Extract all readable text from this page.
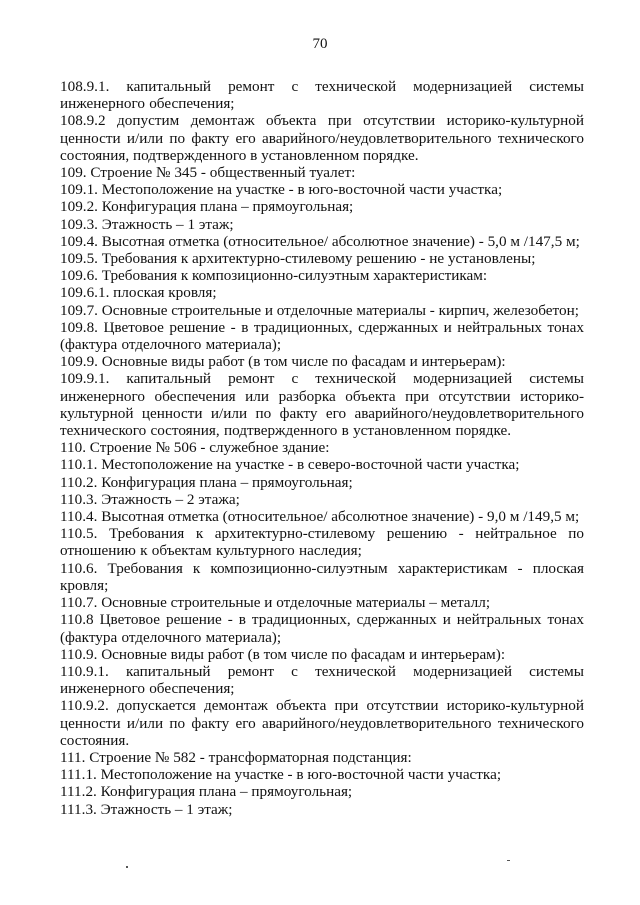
70

108.9.1. капитальный ремонт с технической модернизацией системы инженерного обеспечения;

108.9.2 допустим демонтаж объекта при отсутствии историко-культурной ценности и/или по факту его аварийного/неудовлетворительного технического состояния, подтвержденного в установленном порядке.

109. Строение № 345 - общественный туалет:

109.1. Местоположение на участке - в юго-восточной части участка;

109.2. Конфигурация плана – прямоугольная;

109.3. Этажность – 1 этаж;

109.4. Высотная отметка (относительное/ абсолютное значение) - 5,0 м /147,5 м;

109.5. Требования к архитектурно-стилевому решению - не установлены;

109.6. Требования к композиционно-силуэтным характеристикам:

109.6.1. плоская кровля;

109.7. Основные строительные и отделочные материалы - кирпич, железобетон;

109.8. Цветовое решение - в традиционных, сдержанных и нейтральных тонах (фактура отделочного материала);

109.9. Основные виды работ (в том числе по фасадам и интерьерам):

109.9.1. капитальный ремонт с технической модернизацией системы инженерного обеспечения или разборка объекта при отсутствии историко-культурной ценности и/или по факту его аварийного/неудовлетворительного технического состояния, подтвержденного в установленном порядке.

110. Строение № 506 - служебное здание:

110.1. Местоположение на участке - в северо-восточной части участка;

110.2. Конфигурация плана – прямоугольная;

110.3. Этажность – 2 этажа;

110.4. Высотная отметка (относительное/ абсолютное значение) - 9,0 м /149,5 м;

110.5. Требования к архитектурно-стилевому решению - нейтральное по отношению к объектам культурного наследия;

110.6. Требования к композиционно-силуэтным характеристикам - плоская кровля;

110.7. Основные строительные и отделочные материалы – металл;

110.8 Цветовое решение - в традиционных, сдержанных и нейтральных тонах (фактура отделочного материала);

110.9. Основные виды работ (в том числе по фасадам и интерьерам):

110.9.1. капитальный ремонт с технической модернизацией системы инженерного обеспечения;

110.9.2. допускается демонтаж объекта при отсутствии историко-культурной ценности и/или по факту его аварийного/неудовлетворительного технического состояния.

111. Строение № 582 - трансформаторная подстанция:

111.1. Местоположение на участке - в юго-восточной части участка;

111.2. Конфигурация плана – прямоугольная;

111.3. Этажность – 1 этаж;
